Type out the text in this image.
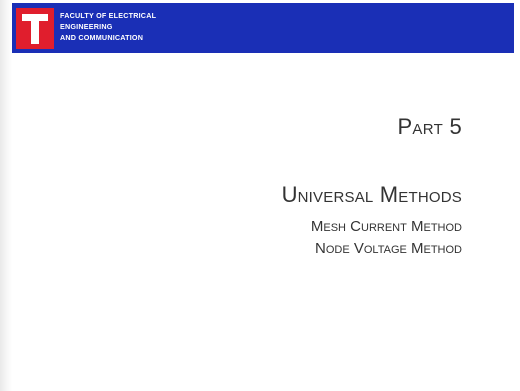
FACULTY OF ELECTRICAL
ENGINEERING
AND COMMUNICATION
Part 5
Universal Methods
Mesh Current Method
Node Voltage Method
